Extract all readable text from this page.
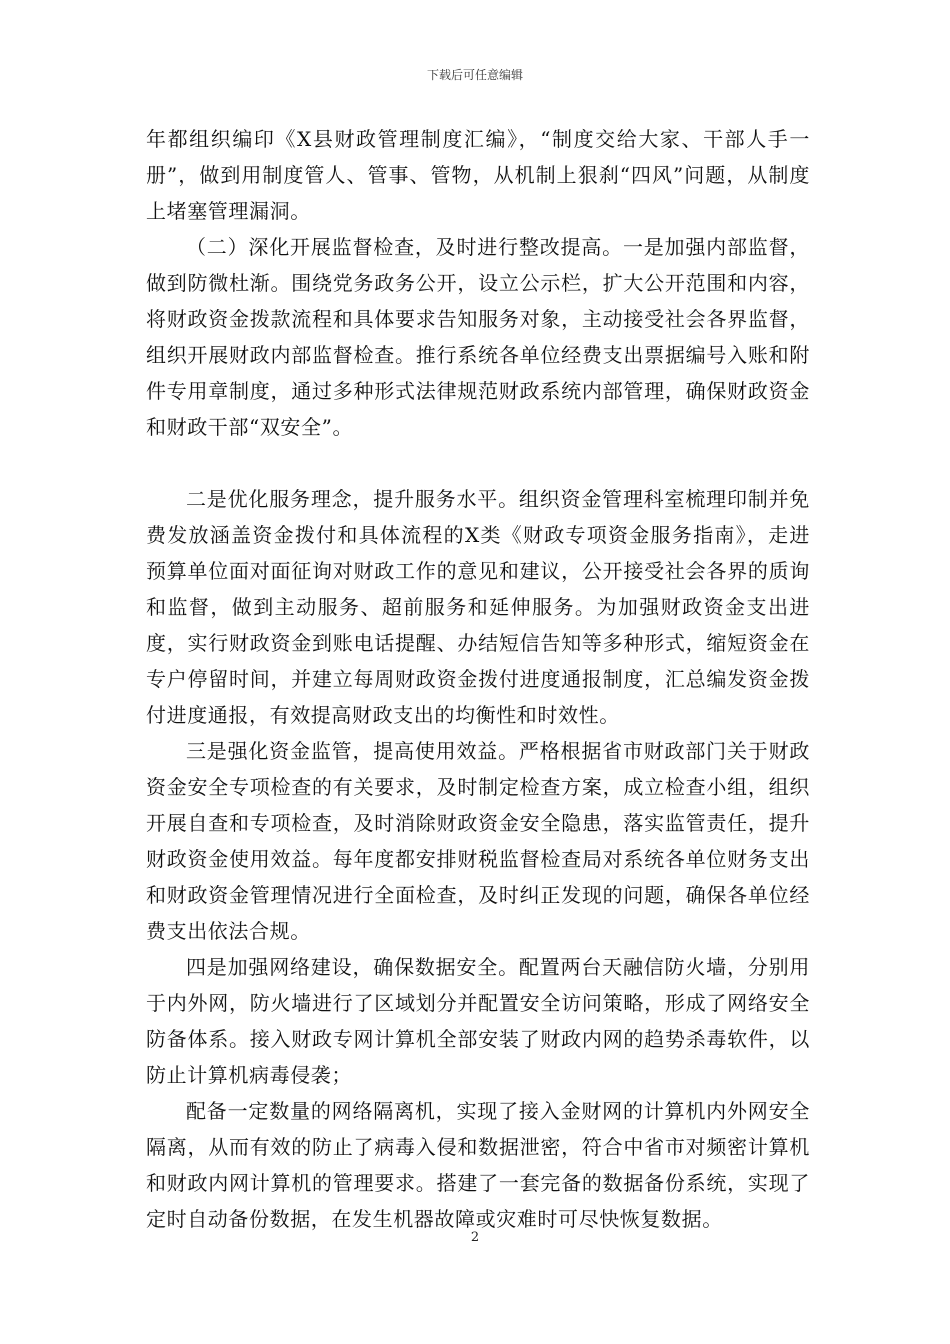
下载后可任意编辑

年都组织编印《X县财政管理制度汇编》，“制度交给大家、干部人手一册”，做到用制度管人、管事、管物，从机制上狠刹“四风”问题，从制度上堵塞管理漏洞。

（二）深化开展监督检查，及时进行整改提高。一是加强内部监督，做到防微杜渐。围绕党务政务公开，设立公示栏，扩大公开范围和内容，将财政资金拨款流程和具体要求告知服务对象，主动接受社会各界监督，组织开展财政内部监督检查。推行系统各单位经费支出票据编号入账和附件专用章制度，通过多种形式法律规范财政系统内部管理，确保财政资金和财政干部“双安全”。

二是优化服务理念，提升服务水平。组织资金管理科室梳理印制并免费发放涵盖资金拨付和具体流程的X类《财政专项资金服务指南》，走进预算单位面对面征询对财政工作的意见和建议，公开接受社会各界的质询和监督，做到主动服务、超前服务和延伸服务。为加强财政资金支出进度，实行财政资金到账电话提醒、办结短信告知等多种形式，缩短资金在专户停留时间，并建立每周财政资金拨付进度通报制度，汇总编发资金拨付进度通报，有效提高财政支出的均衡性和时效性。

三是强化资金监管，提高使用效益。严格根据省市财政部门关于财政资金安全专项检查的有关要求，及时制定检查方案，成立检查小组，组织开展自查和专项检查，及时消除财政资金安全隐患，落实监管责任，提升财政资金使用效益。每年度都安排财税监督检查局对系统各单位财务支出和财政资金管理情况进行全面检查，及时纠正发现的问题，确保各单位经费支出依法合规。

四是加强网络建设，确保数据安全。配置两台天融信防火墙，分别用于内外网，防火墙进行了区域划分并配置安全访问策略，形成了网络安全防备体系。接入财政专网计算机全部安装了财政内网的趋势杀毒软件，以防止计算机病毒侵袭；

配备一定数量的网络隔离机，实现了接入金财网的计算机内外网安全隔离，从而有效的防止了病毒入侵和数据泄密，符合中省市对频密计算机和财政内网计算机的管理要求。搭建了一套完备的数据备份系统，实现了定时自动备份数据，在发生机器故障或灾难时可尽快恢复数据。

2
